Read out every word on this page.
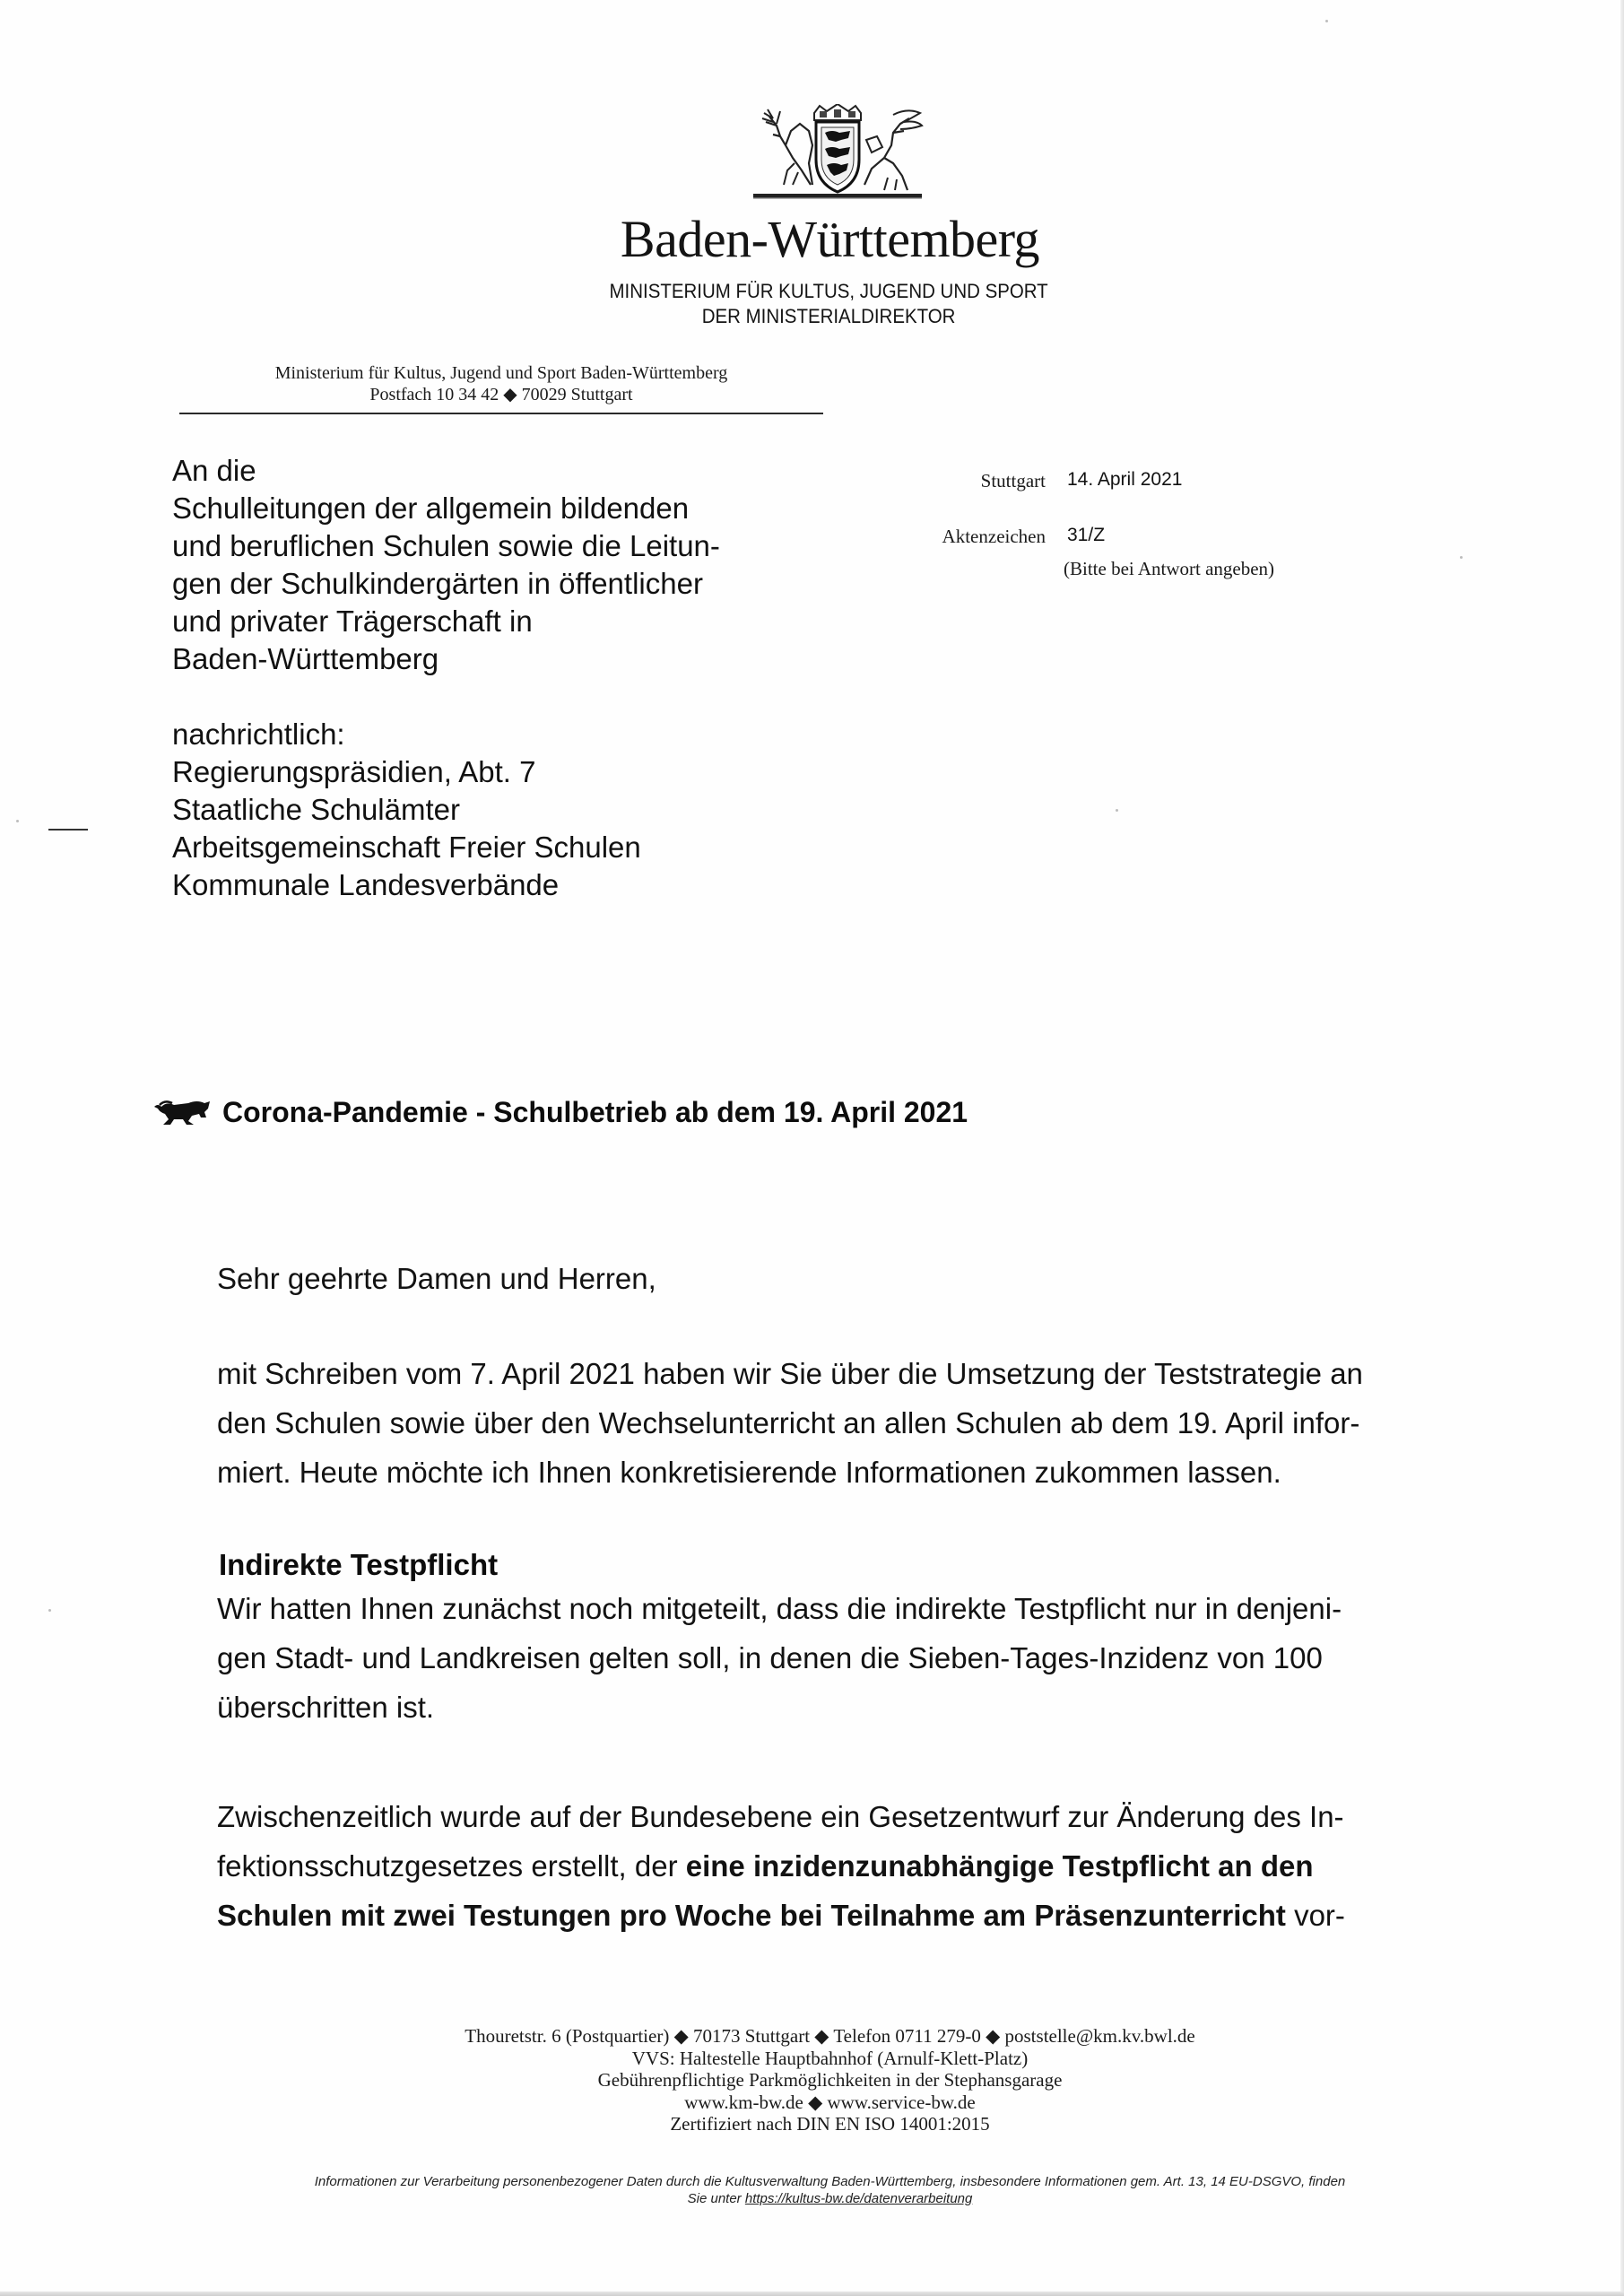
Baden-Württemberg
MINISTERIUM FÜR KULTUS, JUGEND UND SPORT
DER MINISTERIALDIREKTOR
Ministerium für Kultus, Jugend und Sport Baden-Württemberg
Postfach 10 34 42 ◆ 70029 Stuttgart
An die
Schulleitungen der allgemein bildenden
und beruflichen Schulen sowie die Leitun-
gen der Schulkindergärten in öffentlicher
und privater Trägerschaft in
Baden-Württemberg
nachrichtlich:
Regierungspräsidien, Abt. 7
Staatliche Schulämter
Arbeitsgemeinschaft Freier Schulen
Kommunale Landesverbände
Stuttgart 14. April 2021
Aktenzeichen 31/Z
(Bitte bei Antwort angeben)
Corona-Pandemie - Schulbetrieb ab dem 19. April 2021
Sehr geehrte Damen und Herren,
mit Schreiben vom 7. April 2021 haben wir Sie über die Umsetzung der Teststrategie an
den Schulen sowie über den Wechselunterricht an allen Schulen ab dem 19. April infor-
miert. Heute möchte ich Ihnen konkretisierende Informationen zukommen lassen.
Indirekte Testpflicht
Wir hatten Ihnen zunächst noch mitgeteilt, dass die indirekte Testpflicht nur in denjeni-
gen Stadt- und Landkreisen gelten soll, in denen die Sieben-Tages-Inzidenz von 100
überschritten ist.
Zwischenzeitlich wurde auf der Bundesebene ein Gesetzentwurf zur Änderung des In-
fektionsschutzgesetzes erstellt, der eine inzidenzunabhängige Testpflicht an den
Schulen mit zwei Testungen pro Woche bei Teilnahme am Präsenzunterricht vor-
Thouretstr. 6 (Postquartier) ◆ 70173 Stuttgart ◆ Telefon 0711 279-0 ◆ poststelle@km.kv.bwl.de
VVS: Haltestelle Hauptbahnhof (Arnulf-Klett-Platz)
Gebührenpflichtige Parkmöglichkeiten in der Stephansgarage
www.km-bw.de ◆ www.service-bw.de
Zertifiziert nach DIN EN ISO 14001:2015
Informationen zur Verarbeitung personenbezogener Daten durch die Kultusverwaltung Baden-Württemberg, insbesondere Informationen gem. Art. 13, 14 EU-DSGVO, finden
Sie unter https://kultus-bw.de/datenverarbeitung
